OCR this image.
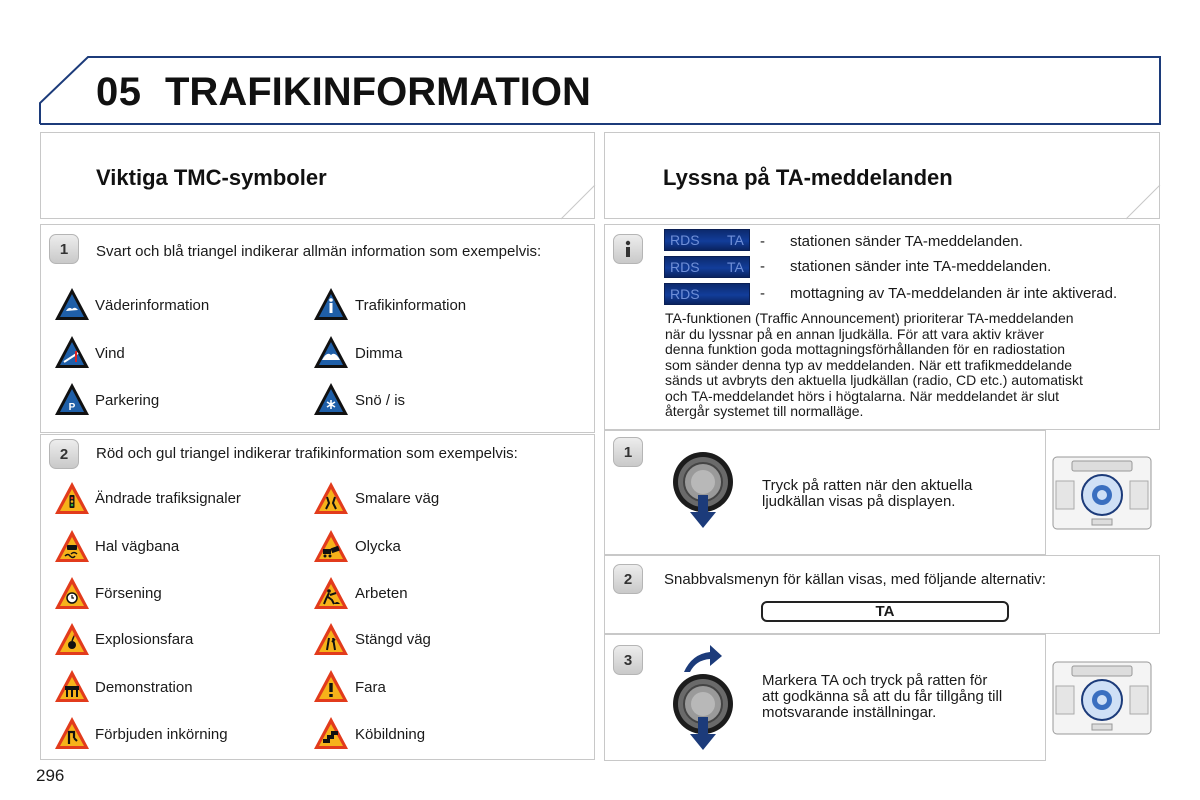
05 TRAFIKINFORMATION
Viktiga TMC-symboler
1	Svart och blå triangel indikerar allmän information som exempelvis:
2	Röd och gul triangel indikerar trafikinformation som exempelvis:
Väderinformation	Trafikinformation
Vind	Dimma
P Parkering	Snö / is
Ändrade trafiksignaler	Smalare väg
Hal vägbana	Olycka
Försening	Arbeten
Explosionsfara	Stängd väg
Demonstration	Fara
Förbjuden inkörning	Köbildning
Lyssna på TA-meddelanden
RDS TA - stationen sänder TA-meddelanden.
RDS TA - stationen sänder inte TA-meddelanden.
RDS	- mottagning av TA-meddelanden är inte aktiverad.
TA-funktionen (Traffic Announcement) prioriterar TA-meddelanden
när du lyssnar på en annan ljudkälla. För att vara aktiv kräver
denna funktion goda mottagningsförhållanden för en radiostation
som sänder denna typ av meddelanden. När ett trafikmeddelande
sänds ut avbryts den aktuella ljudkällan (radio, CD etc.) automatiskt
och TA-meddelandet hörs i högtalarna. När meddelandet är slut
återgår systemet till normalläge.
1
Tryck på ratten när den aktuella
ljudkällan visas på displayen.
2	Snabbvalsmenyn för källan visas, med följande alternativ:
TA
3
Markera TA och tryck på ratten för
att godkänna så att du får tillgång till
motsvarande inställningar.
296
